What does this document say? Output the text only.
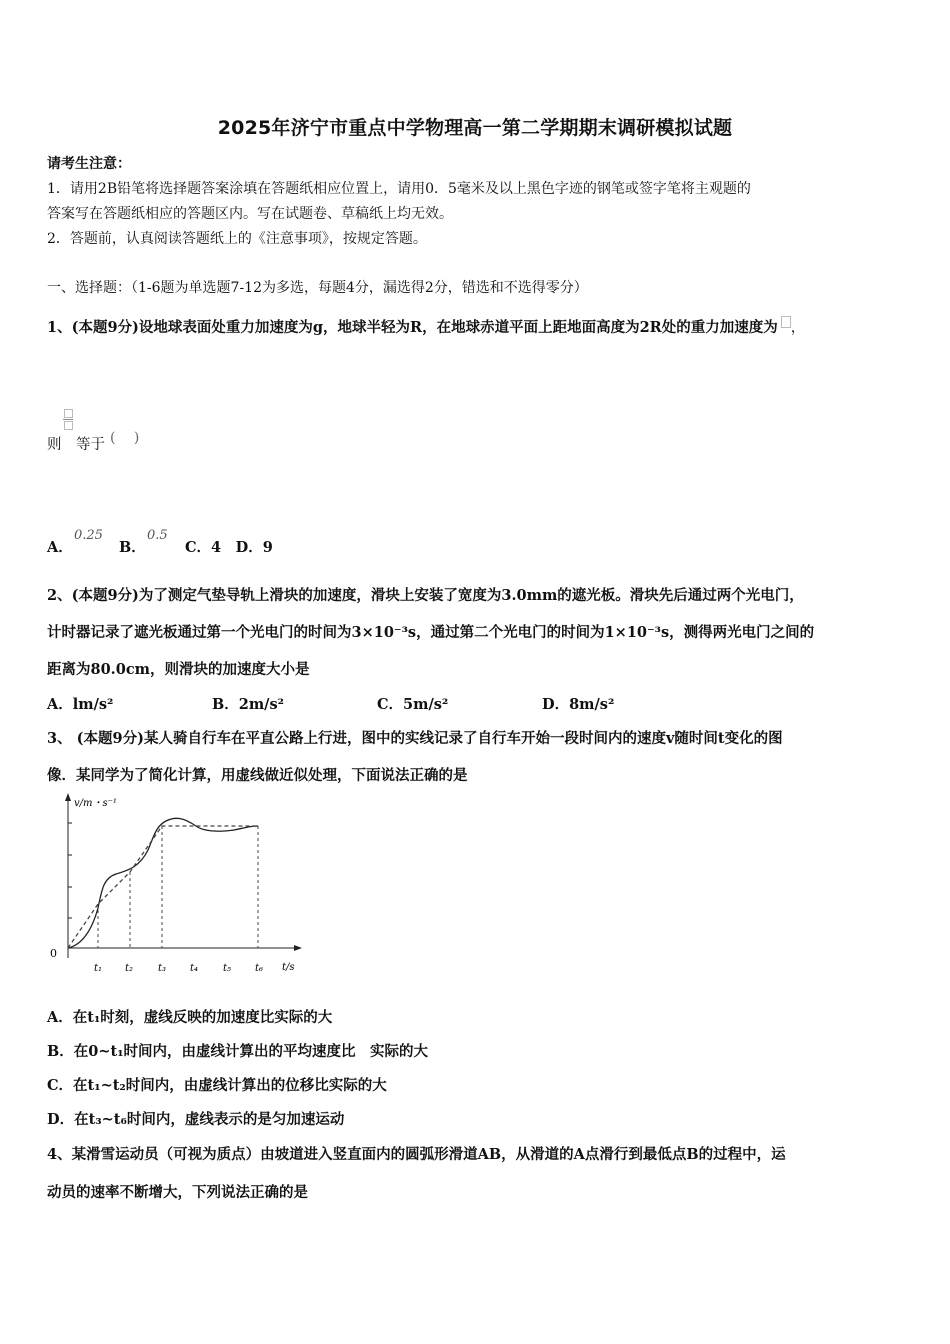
2025年济宁市重点中学物理高一第二学期期末调研模拟试题
请考生注意：
1．请用2B铅笔将选择题答案涂填在答题纸相应位置上，请用0．5毫米及以上黑色字迹的钢笔或签字笔将主观题的
答案写在答题纸相应的答题区内。写在试题卷、草稿纸上均无效。
2．答题前，认真阅读答题纸上的《注意事项》，按规定答题。
一、选择题：（1-6题为单选题7-12为多选，每题4分，漏选得2分，错选和不选得零分）
1、(本题9分)设地球表面处重力加速度为g，地球半轻为R，在地球赤道平面上距地面高度为2R处的重力加速度为 ，
则 等于 (　 )
A．
0.25
B．
0.5
C．4　D．9
2、(本题9分)为了测定气垫导轨上滑块的加速度，滑块上安装了宽度为3.0mm的遮光板。滑块先后通过两个光电门，
计时器记录了遮光板通过第一个光电门的时间为3×10⁻³s，通过第二个光电门的时间为1×10⁻³s，测得两光电门之间的
距离为80.0cm，则滑块的加速度大小是
A．lm/s²	B．2m/s²	C．5m/s²	D．8m/s²
3、 (本题9分)某人骑自行车在平直公路上行进，图中的实线记录了自行车开始一段时间内的速度v随时间t变化的图
像．某同学为了简化计算，用虚线做近似处理，下面说法正确的是
v/m・s⁻¹
0
t/s
t₁ t₂ t₃ t₄ t₅ t₆
A．在t₁时刻，虚线反映的加速度比实际的大
B．在0~t₁时间内，由虚线计算出的平均速度比　实际的大
C．在t₁~t₂时间内，由虚线计算出的位移比实际的大
D．在t₃~t₆时间内，虚线表示的是匀加速运动
4、某滑雪运动员（可视为质点）由坡道进入竖直面内的圆弧形滑道AB，从滑道的A点滑行到最低点B的过程中，运
动员的速率不断增大，下列说法正确的是
